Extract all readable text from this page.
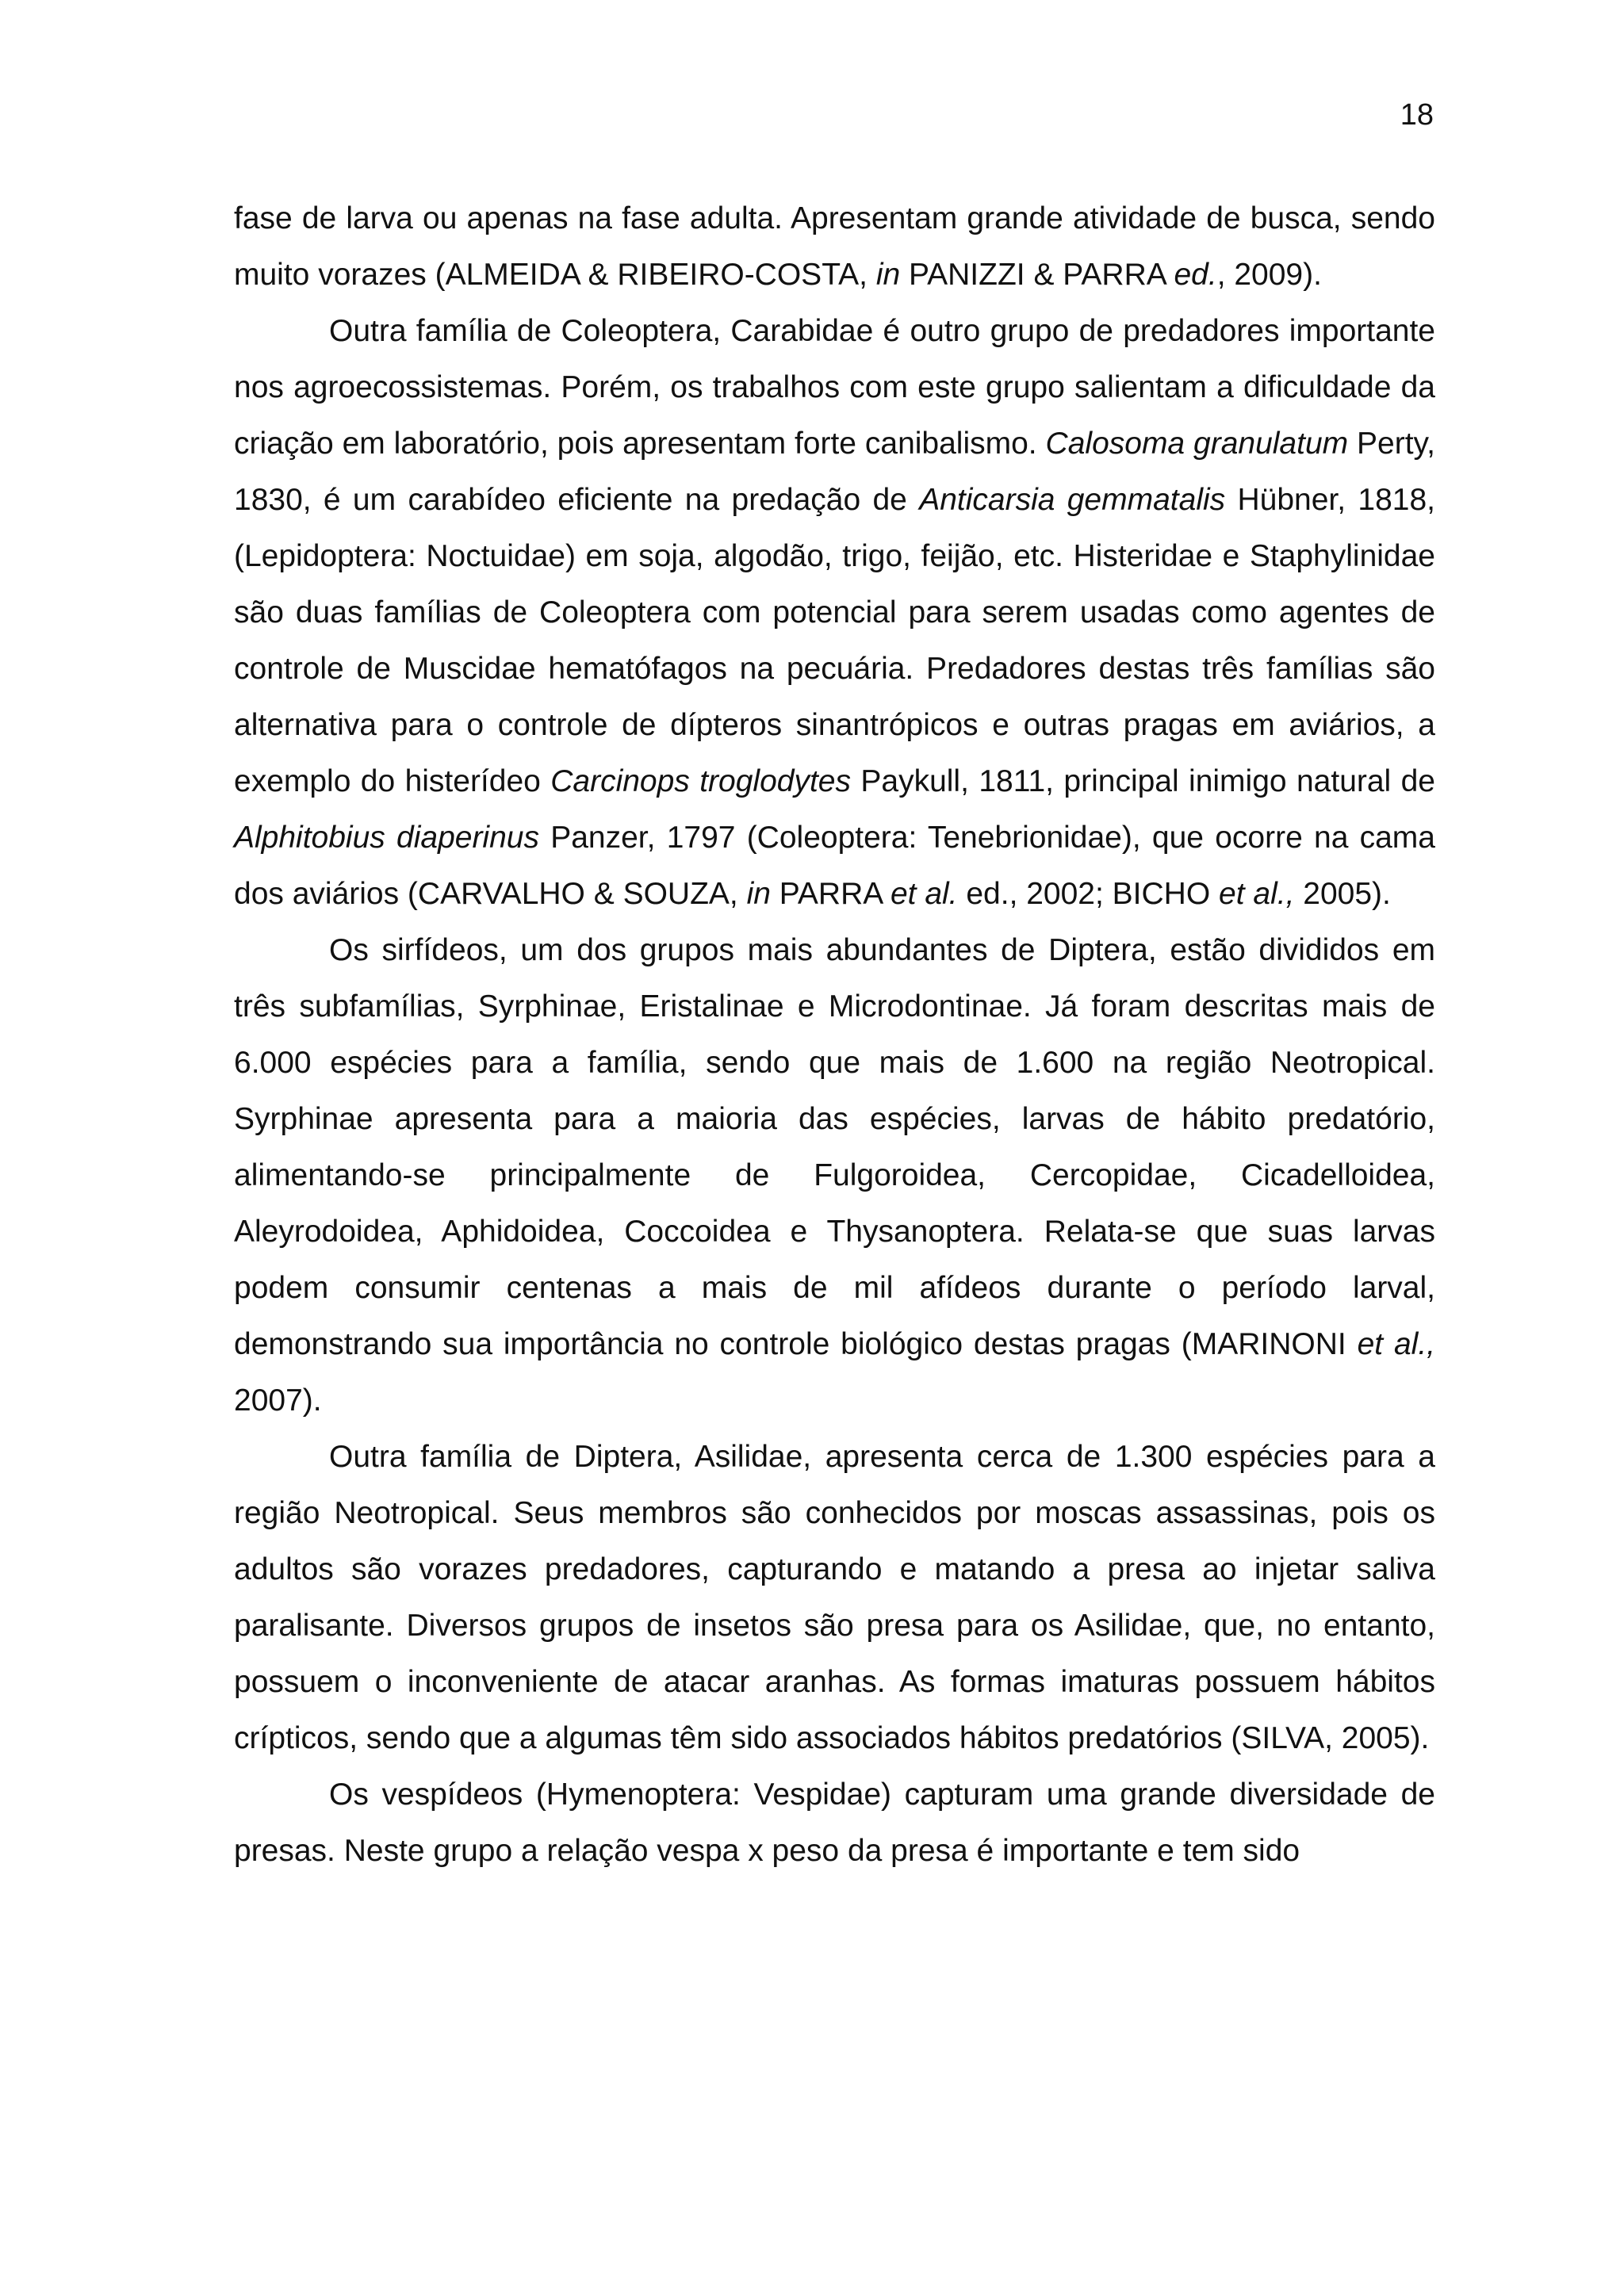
18

fase de larva ou apenas na fase adulta. Apresentam grande atividade de busca, sendo muito vorazes (ALMEIDA & RIBEIRO-COSTA, in PANIZZI & PARRA ed., 2009).

Outra família de Coleoptera, Carabidae é outro grupo de predadores importante nos agroecossistemas. Porém, os trabalhos com este grupo salientam a dificuldade da criação em laboratório, pois apresentam forte canibalismo. Calosoma granulatum Perty, 1830, é um carabídeo eficiente na predação de Anticarsia gemmatalis Hübner, 1818, (Lepidoptera: Noctuidae) em soja, algodão, trigo, feijão, etc. Histeridae e Staphylinidae são duas famílias de Coleoptera com potencial para serem usadas como agentes de controle de Muscidae hematófagos na pecuária. Predadores destas três famílias são alternativa para o controle de dípteros sinantrópicos e outras pragas em aviários, a exemplo do histerídeo Carcinops troglodytes Paykull, 1811, principal inimigo natural de Alphitobius diaperinus Panzer, 1797 (Coleoptera: Tenebrionidae), que ocorre na cama dos aviários (CARVALHO & SOUZA, in PARRA et al. ed., 2002; BICHO et al., 2005).

Os sirfídeos, um dos grupos mais abundantes de Diptera, estão divididos em três subfamílias, Syrphinae, Eristalinae e Microdontinae. Já foram descritas mais de 6.000 espécies para a família, sendo que mais de 1.600 na região Neotropical. Syrphinae apresenta para a maioria das espécies, larvas de hábito predatório, alimentando-se principalmente de Fulgoroidea, Cercopidae, Cicadelloidea, Aleyrodoidea, Aphidoidea, Coccoidea e Thysanoptera. Relata-se que suas larvas podem consumir centenas a mais de mil afídeos durante o período larval, demonstrando sua importância no controle biológico destas pragas (MARINONI et al., 2007).

Outra família de Diptera, Asilidae, apresenta cerca de 1.300 espécies para a região Neotropical. Seus membros são conhecidos por moscas assassinas, pois os adultos são vorazes predadores, capturando e matando a presa ao injetar saliva paralisante. Diversos grupos de insetos são presa para os Asilidae, que, no entanto, possuem o inconveniente de atacar aranhas. As formas imaturas possuem hábitos crípticos, sendo que a algumas têm sido associados hábitos predatórios (SILVA, 2005).

Os vespídeos (Hymenoptera: Vespidae) capturam uma grande diversidade de presas. Neste grupo a relação vespa x peso da presa é importante e tem sido
